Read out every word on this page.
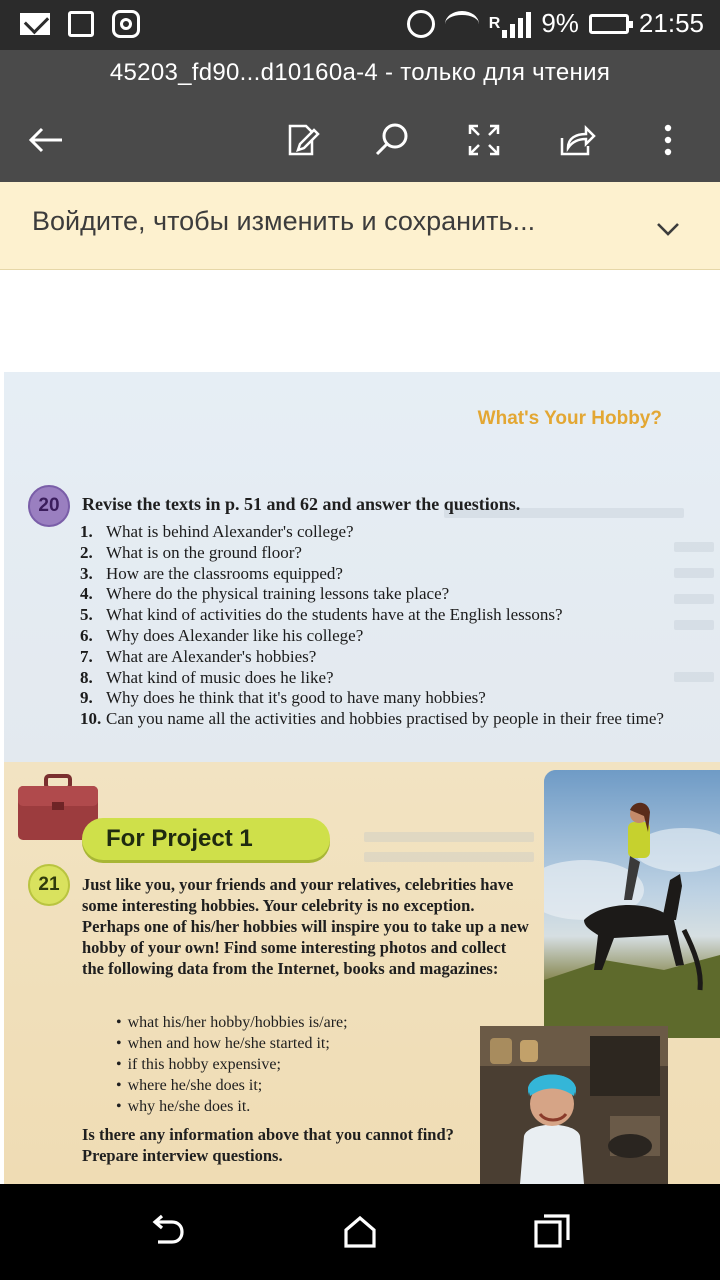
R 9% 21:55
45203_fd90...d10160a-4 - только для чтения
Войдите, чтобы изменить и сохранить...
What's Your Hobby?
20	Revise the texts in p. 51 and 62 and answer the questions.
1. What is behind Alexander's college?
2. What is on the ground floor?
3. How are the classrooms equipped?
4. Where do the physical training lessons take place?
5. What kind of activities do the students have at the English lessons?
6. Why does Alexander like his college?
7. What are Alexander's hobbies?
8. What kind of music does he like?
9. Why does he think that it's good to have many hobbies?
10. Can you name all the activities and hobbies practised by people in their free time?
For Project 1
21	Just like you, your friends and your relatives, celebrities have some interesting hobbies. Your celebrity is no exception. Perhaps one of his/her hobbies will inspire you to take up a new hobby of your own! Find some interesting photos and collect the following data from the Internet, books and magazines:
• what his/her hobby/hobbies is/are;
• when and how he/she started it;
• if this hobby expensive;
• where he/she does it;
• why he/she does it.
Is there any information above that you cannot find? Prepare interview questions.
